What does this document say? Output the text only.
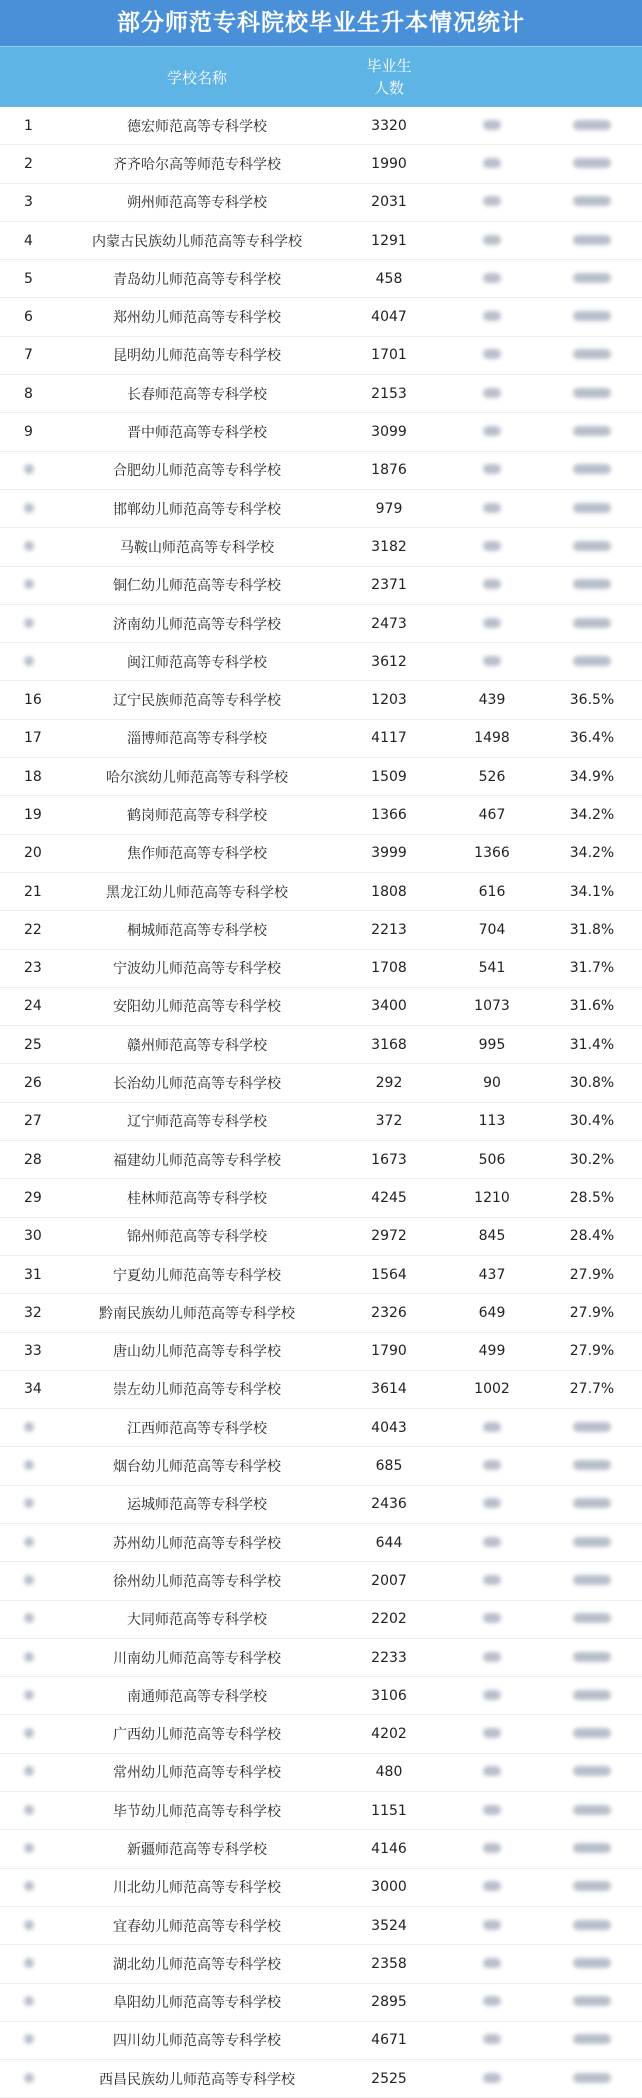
部分师范专科院校毕业生升本情况统计
学校名称
毕业生
人数
1	德宏师范高等专科学校	3320
2	齐齐哈尔高等师范专科学校	1990
3	朔州师范高等专科学校	2031
4	内蒙古民族幼儿师范高等专科学校	1291
5	青岛幼儿师范高等专科学校	458
6	郑州幼儿师范高等专科学校	4047
7	昆明幼儿师范高等专科学校	1701
8	长春师范高等专科学校	2153
9	晋中师范高等专科学校	3099
合肥幼儿师范高等专科学校	1876
邯郸幼儿师范高等专科学校	979
马鞍山师范高等专科学校	3182
铜仁幼儿师范高等专科学校	2371
济南幼儿师范高等专科学校	2473
闽江师范高等专科学校	3612
16	辽宁民族师范高等专科学校	1203	439	36.5%
17	淄博师范高等专科学校	4117	1498	36.4%
18	哈尔滨幼儿师范高等专科学校	1509	526	34.9%
19	鹤岗师范高等专科学校	1366	467	34.2%
20	焦作师范高等专科学校	3999	1366	34.2%
21	黑龙江幼儿师范高等专科学校	1808	616	34.1%
22	桐城师范高等专科学校	2213	704	31.8%
23	宁波幼儿师范高等专科学校	1708	541	31.7%
24	安阳幼儿师范高等专科学校	3400	1073	31.6%
25	赣州师范高等专科学校	3168	995	31.4%
26	长治幼儿师范高等专科学校	292	90	30.8%
27	辽宁师范高等专科学校	372	113	30.4%
28	福建幼儿师范高等专科学校	1673	506	30.2%
29	桂林师范高等专科学校	4245	1210	28.5%
30	锦州师范高等专科学校	2972	845	28.4%
31	宁夏幼儿师范高等专科学校	1564	437	27.9%
32	黔南民族幼儿师范高等专科学校	2326	649	27.9%
33	唐山幼儿师范高等专科学校	1790	499	27.9%
34	崇左幼儿师范高等专科学校	3614	1002	27.7%
江西师范高等专科学校	4043
烟台幼儿师范高等专科学校	685
运城师范高等专科学校	2436
苏州幼儿师范高等专科学校	644
徐州幼儿师范高等专科学校	2007
大同师范高等专科学校	2202
川南幼儿师范高等专科学校	2233
南通师范高等专科学校	3106
广西幼儿师范高等专科学校	4202
常州幼儿师范高等专科学校	480
毕节幼儿师范高等专科学校	1151
新疆师范高等专科学校	4146
川北幼儿师范高等专科学校	3000
宜春幼儿师范高等专科学校	3524
湖北幼儿师范高等专科学校	2358
阜阳幼儿师范高等专科学校	2895
四川幼儿师范高等专科学校	4671
西昌民族幼儿师范高等专科学校	2525
